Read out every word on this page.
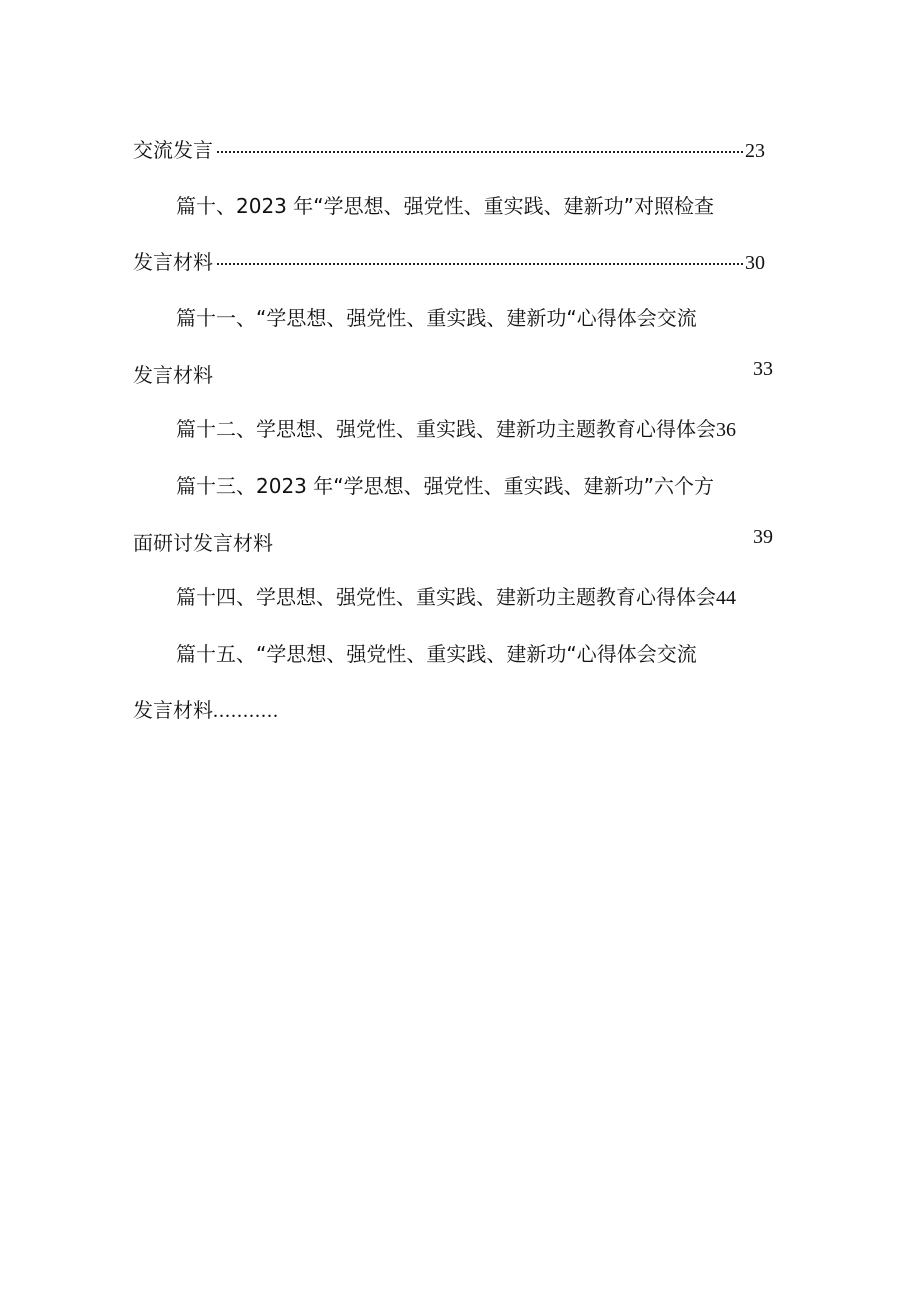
交流发言	23
篇十、2023 年“学思想、强党性、重实践、建新功”对照检查
发言材料	30
篇十一、“学思想、强党性、重实践、建新功“心得体会交流
发言材料	33
篇十二、学思想、强党性、重实践、建新功主题教育心得体会 36
篇十三、2023 年“学思想、强党性、重实践、建新功”六个方
面研讨发言材料	39
篇十四、学思想、强党性、重实践、建新功主题教育心得体会 44
篇十五、“学思想、强党性、重实践、建新功“心得体会交流
发言材料 ...........
